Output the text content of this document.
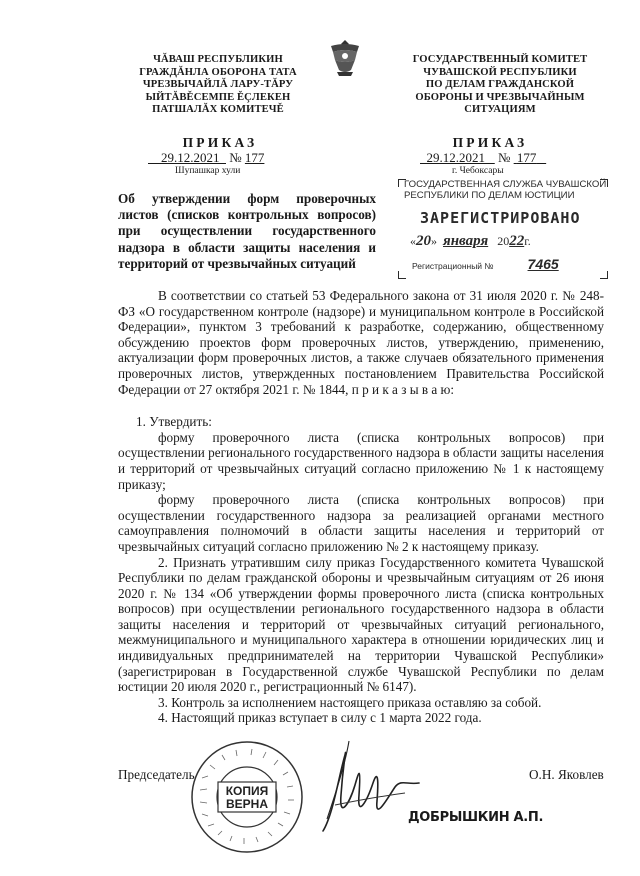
ЧĂВАШ РЕСПУБЛИКИН
ГРАЖДĂНЛА ОБОРОНА ТАТА
ЧРЕЗВЫЧАЙЛĂ ЛАРУ-ТĂРУ
ЫЙТĂВĚСЕМПЕ ĚÇЛЕКЕН
ПАТШАЛĂХ КОМИТЕЧĚ
ГОСУДАРСТВЕННЫЙ КОМИТЕТ
ЧУВАШСКОЙ РЕСПУБЛИКИ
ПО ДЕЛАМ ГРАЖДАНСКОЙ
ОБОРОНЫ И ЧРЕЗВЫЧАЙНЫМ
СИТУАЦИЯМ
ПРИКАЗ	ПРИКАЗ
29.12.2021 № 177
Шупашкар хули
29.12.2021 № 177
г. Чебоксары
ГОСУДАРСТВЕННАЯ СЛУЖБА ЧУВАШСКОЙ
РЕСПУБЛИКИ ПО ДЕЛАМ ЮСТИЦИИ
ЗАРЕГИСТРИРОВАНО
«20»  января 2022г.
Регистрационный № 7465
Об утверждении форм проверочных листов (списков контрольных вопросов) при осуществлении государственного надзора в области защиты населения и территорий от чрезвычайных ситуаций

В соответствии со статьей 53 Федерального закона от 31 июля 2020 г. № 248-ФЗ «О государственном контроле (надзоре) и муниципальном контроле в Российской Федерации», пунктом 3 требований к разработке, содержанию, общественному обсуждению проектов форм проверочных листов, утверждению, применению, актуализации форм проверочных листов, а также случаев обязательного применения проверочных листов, утвержденных постановлением Правительства Российской Федерации от 27 октября 2021 г. № 1844, п р и к а з ы в а ю:

1. Утвердить:

форму проверочного листа (списка контрольных вопросов) при осуществлении регионального государственного надзора в области защиты населения и территорий от чрезвычайных ситуаций согласно приложению № 1 к настоящему приказу;

форму проверочного листа (списка контрольных вопросов) при осуществлении государственного надзора за реализацией органами местного самоуправления полномочий в области защиты населения и территорий от чрезвычайных ситуаций согласно приложению № 2 к настоящему приказу.

2. Признать утратившим силу приказ Государственного комитета Чувашской Республики по делам гражданской обороны и чрезвычайным ситуациям от 26 июня 2020 г. № 134 «Об утверждении формы проверочного листа (списка контрольных вопросов) при осуществлении регионального государственного надзора в области защиты населения и территорий от чрезвычайных ситуаций регионального, межмуниципального и муниципального характера в отношении юридических лиц и индивидуальных предпринимателей на территории Чувашской Республики» (зарегистрирован в Государственной службе Чувашской Республики по делам юстиции 20 июля 2020 г., регистрационный № 6147).

3. Контроль за исполнением настоящего приказа оставляю за собой.

4. Настоящий приказ вступает в силу с 1 марта 2022 года.

Председатель
КОПИЯ
ВЕРНА
О.Н. Яковлев
ДОБРЫШКИН А.П.
